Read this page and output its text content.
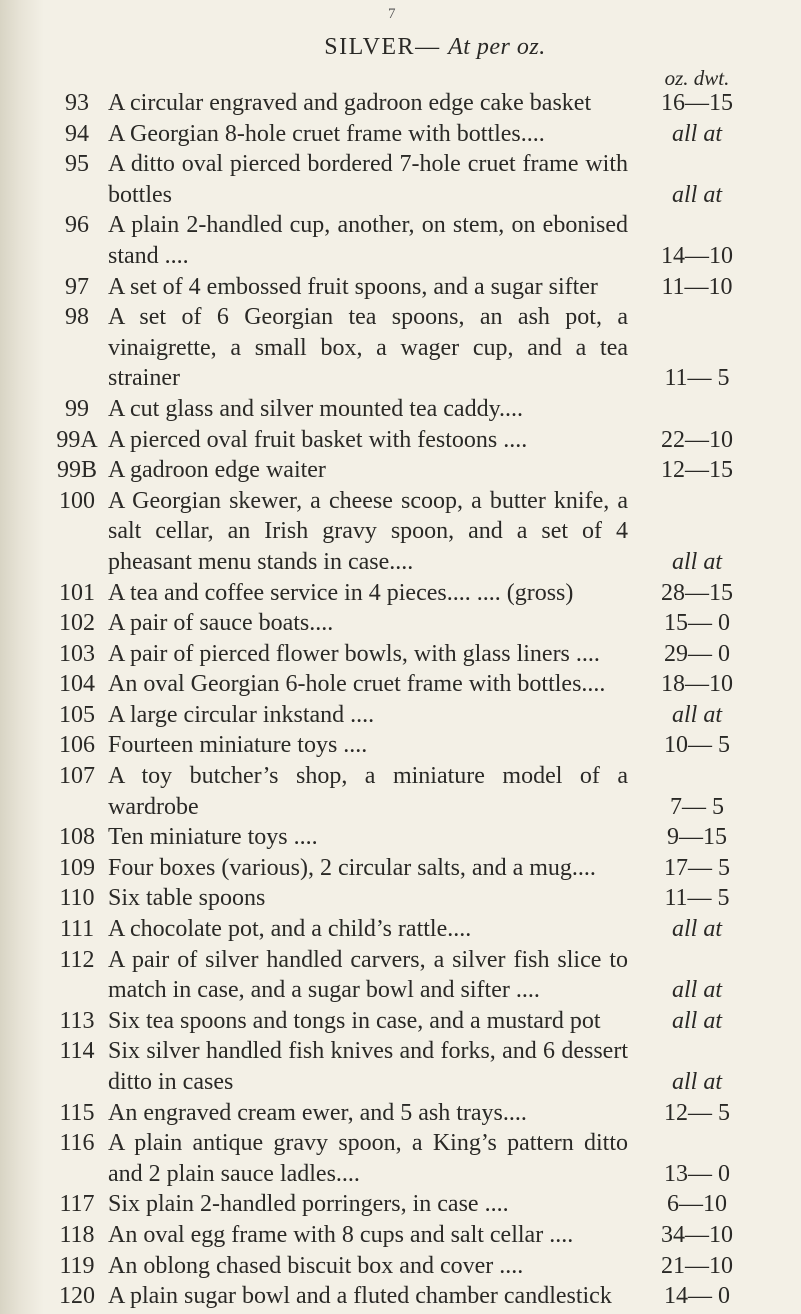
7
SILVER— At per oz.
oz. dwt.
93 A circular engraved and gadroon edge cake basket	16—15
94 A Georgian 8-hole cruet frame with bottles....	all at
95 A ditto oval pierced bordered 7-hole cruet frame with bottles	all at
96 A plain 2-handled cup, another, on stem, on ebonised stand ....	14—10
97 A set of 4 embossed fruit spoons, and a sugar sifter	11—10
98 A set of 6 Georgian tea spoons, an ash pot, a vinaigrette, a small box, a wager cup, and a tea strainer	11— 5
99 A cut glass and silver mounted tea caddy....
99A A pierced oval fruit basket with festoons ....	22—10
99B A gadroon edge waiter	12—15
100 A Georgian skewer, a cheese scoop, a butter knife, a salt cellar, an Irish gravy spoon, and a set of 4 pheasant menu stands in case....	all at
101 A tea and coffee service in 4 pieces.... .... (gross)	28—15
102 A pair of sauce boats....	15— 0
103 A pair of pierced flower bowls, with glass liners ....	29— 0
104 An oval Georgian 6-hole cruet frame with bottles....	18—10
105 A large circular inkstand ....	all at
106 Fourteen miniature toys ....	10— 5
107 A toy butcher’s shop, a miniature model of a wardrobe	7— 5
108 Ten miniature toys ....	9—15
109 Four boxes (various), 2 circular salts, and a mug....	17— 5
110 Six table spoons	11— 5
111 A chocolate pot, and a child’s rattle....	all at
112 A pair of silver handled carvers, a silver fish slice to match in case, and a sugar bowl and sifter ....	all at
113 Six tea spoons and tongs in case, and a mustard pot	all at
114 Six silver handled fish knives and forks, and 6 dessert ditto in cases	all at
115 An engraved cream ewer, and 5 ash trays....	12— 5
116 A plain antique gravy spoon, a King’s pattern ditto and 2 plain sauce ladles....	13— 0
117 Six plain 2-handled porringers, in case ....	6—10
118 An oval egg frame with 8 cups and salt cellar ....	34—10
119 An oblong chased biscuit box and cover ....	21—10
120 A plain sugar bowl and a fluted chamber candlestick	14— 0
